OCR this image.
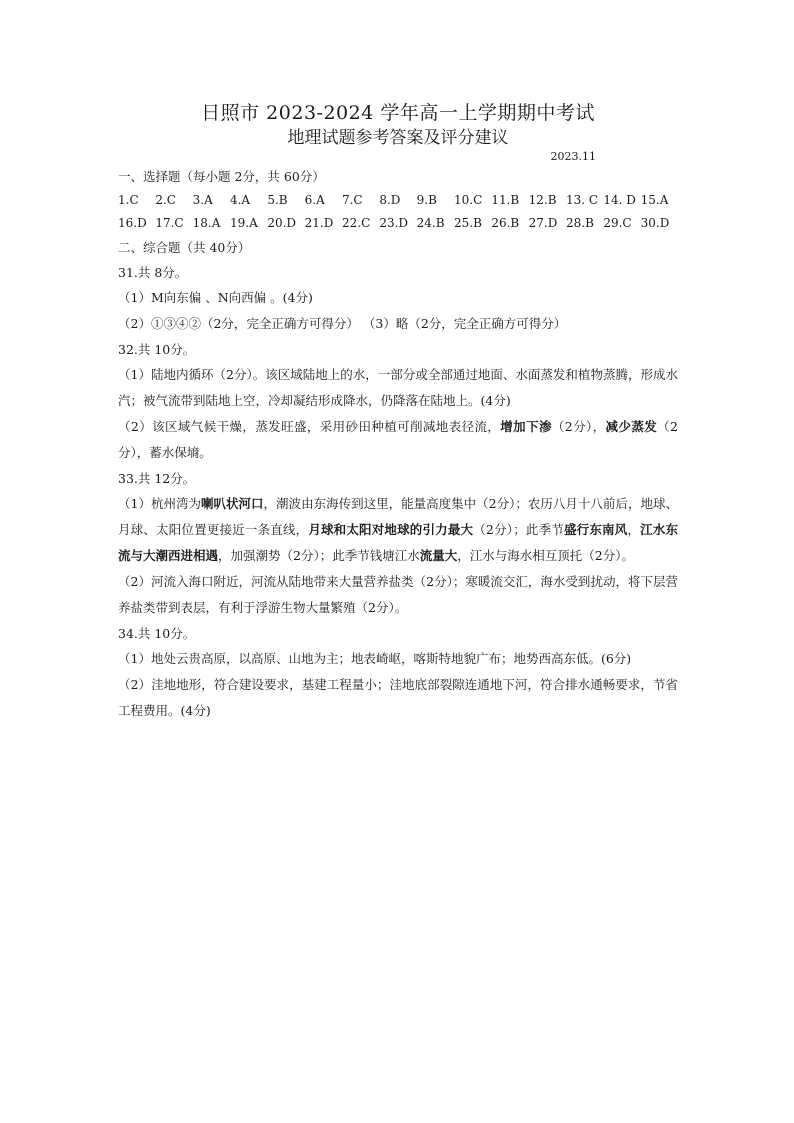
日照市 2023-2024 学年高一上学期期中考试
地理试题参考答案及评分建议
2023.11
一、选择题（每小题 2分，共 60分）
1.C	2.C	3.A	4.A	5.B	6.A	7.C	8.D	9.B	10.C 11.B 12.B 13. C 14. D 15.A
16.D 17.C 18.A 19.A 20.D 21.D 22.C 23.D 24.B 25.B 26.B 27.D 28.B 29.C 30.D
二、综合题（共 40分）
31.共 8分。
（1）M向东偏 、N向西偏 。(4分)
（2）①③④②（2分，完全正确方可得分） （3）略（2分，完全正确方可得分）
32.共 10分。
（1）陆地内循环（2分）。该区域陆地上的水，一部分或全部通过地面、水面蒸发和植物蒸腾，形成水汽；被气流带到陆地上空，冷却凝结形成降水，仍降落在陆地上。(4分)
（2）该区域气候干燥，蒸发旺盛，采用砂田种植可削减地表径流，增加下渗（2分），减少蒸发（2分），蓄水保墒。
33.共 12分。
（1）杭州湾为喇叭状河口，潮波由东海传到这里，能量高度集中（2分）；农历八月十八前后，地球、月球、太阳位置更接近一条直线，月球和太阳对地球的引力最大（2分）；此季节盛行东南风，江水东流与大潮西进相遇，加强潮势（2分）；此季节钱塘江水流量大，江水与海水相互顶托（2分）。
（2）河流入海口附近，河流从陆地带来大量营养盐类（2分）；寒暖流交汇，海水受到扰动，将下层营养盐类带到表层，有利于浮游生物大量繁殖（2分）。
34.共 10分。
（1）地处云贵高原，以高原、山地为主；地表崎岖，喀斯特地貌广布；地势西高东低。(6分)
（2）洼地地形，符合建设要求，基建工程量小；洼地底部裂隙连通地下河，符合排水通畅要求，节省工程费用。(4分)
